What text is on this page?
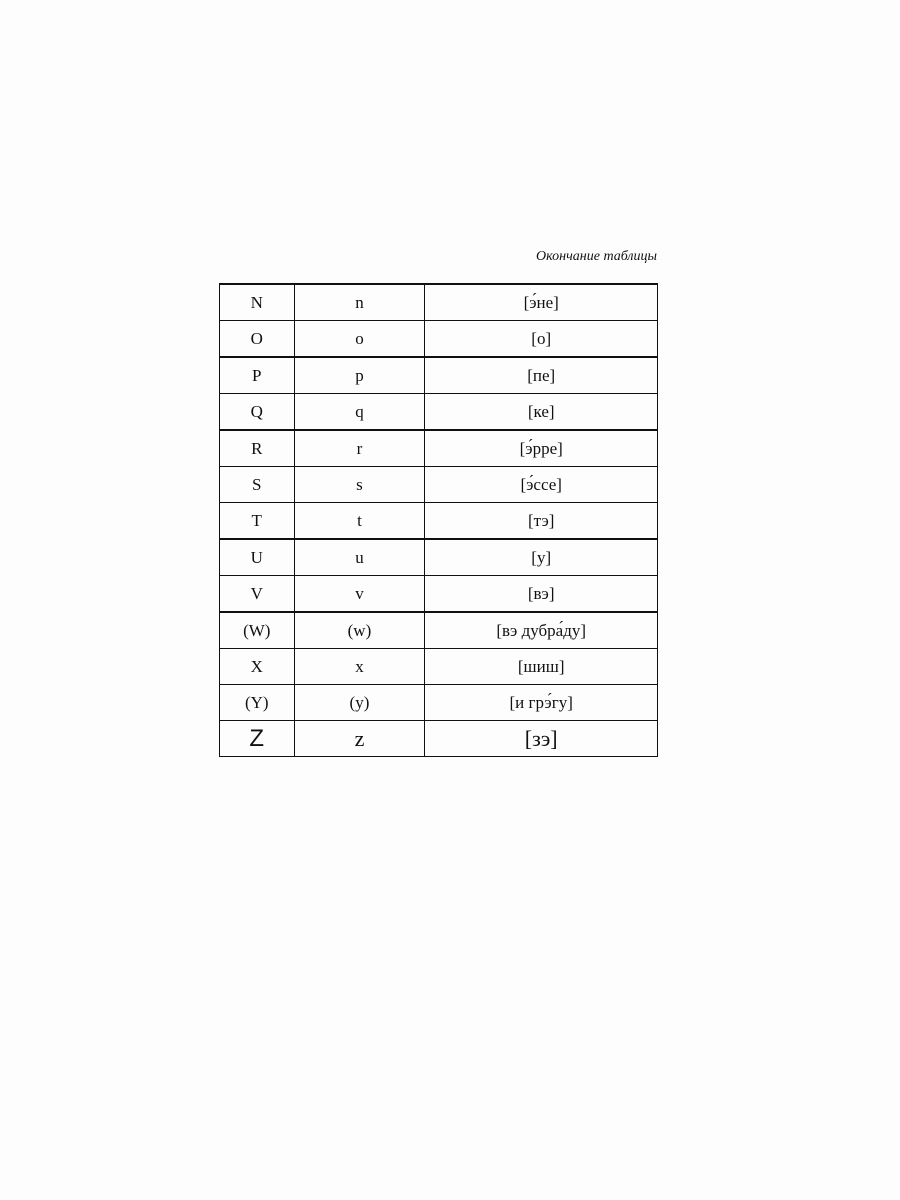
Окончание таблицы
N	n	[э́не]
O	o	[о]
P	p	[пе]
Q	q	[ке]
R	r	[э́рре]
S	s	[э́ссе]
T	t	[тэ]
U	u	[у]
V	v	[вэ]
(W)	(w)	[вэ дубра́ду]
X	x	[шиш]
(Y)	(y)	[и грэ́гу]
Z	z	[зэ]
